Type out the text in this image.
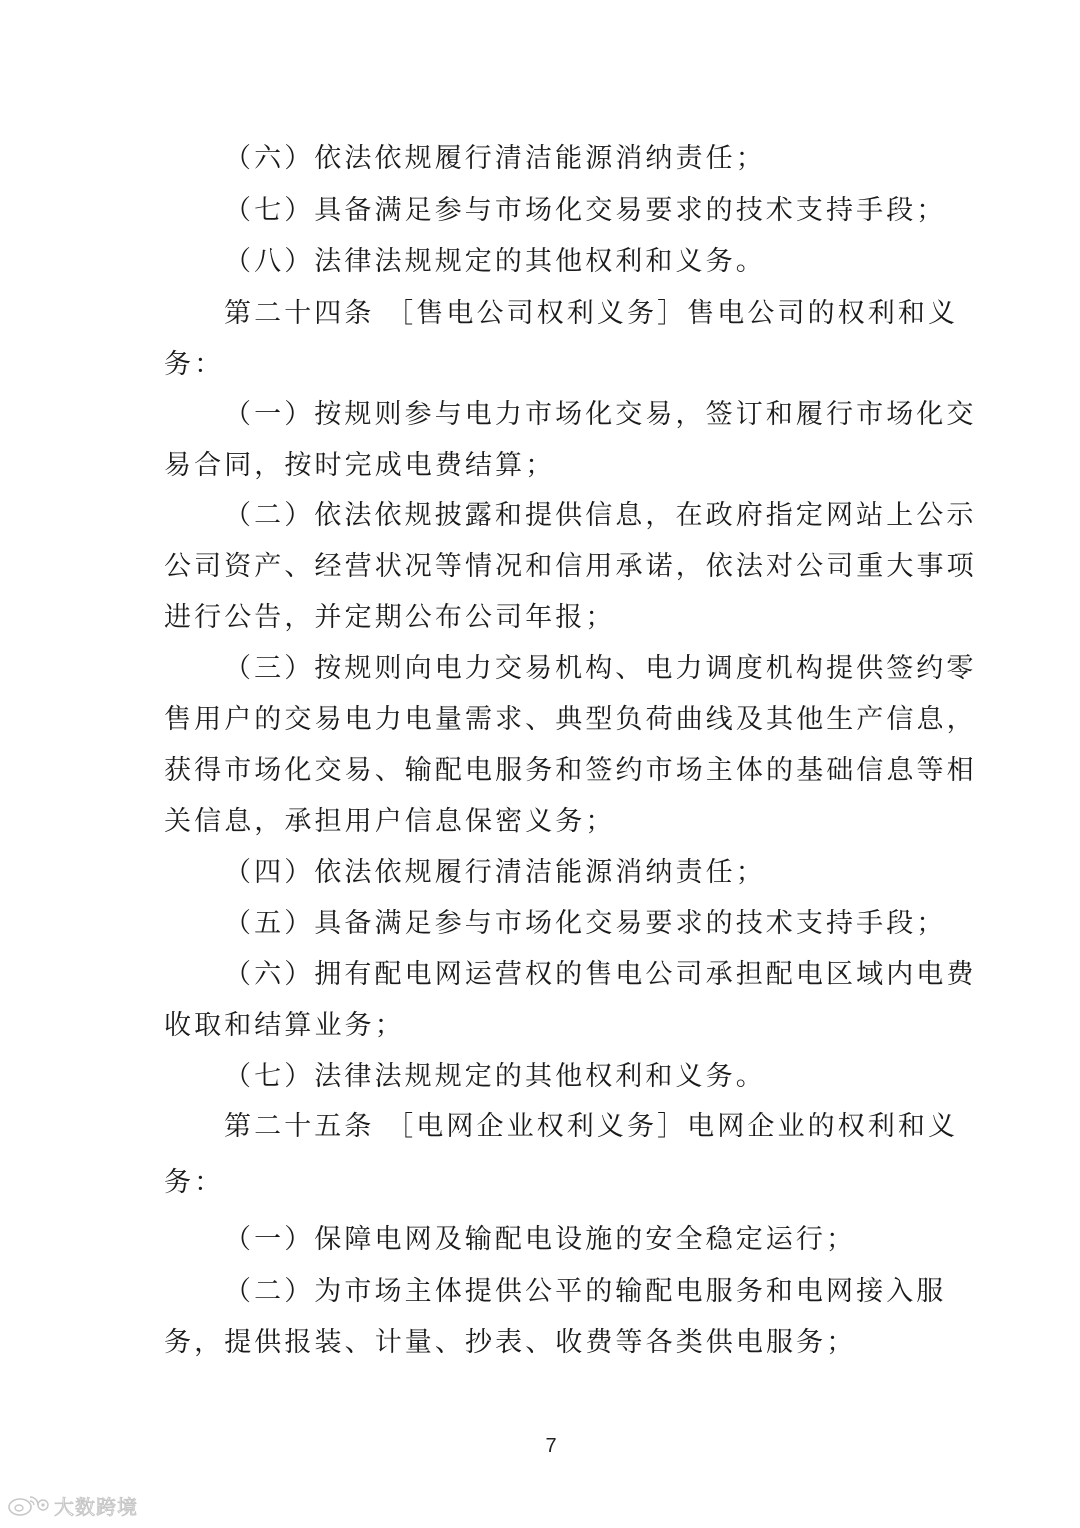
（六）依法依规履行清洁能源消纳责任；

（七）具备满足参与市场化交易要求的技术支持手段；

（八）法律法规规定的其他权利和义务。

第二十四条 ［售电公司权利义务］售电公司的权利和义

务：

（一）按规则参与电力市场化交易，签订和履行市场化交

易合同，按时完成电费结算；

（二）依法依规披露和提供信息，在政府指定网站上公示

公司资产、经营状况等情况和信用承诺，依法对公司重大事项

进行公告，并定期公布公司年报；

（三）按规则向电力交易机构、电力调度机构提供签约零

售用户的交易电力电量需求、典型负荷曲线及其他生产信息，

获得市场化交易、输配电服务和签约市场主体的基础信息等相

关信息，承担用户信息保密义务；

（四）依法依规履行清洁能源消纳责任；

（五）具备满足参与市场化交易要求的技术支持手段；

（六）拥有配电网运营权的售电公司承担配电区域内电费

收取和结算业务；

（七）法律法规规定的其他权利和义务。

第二十五条 ［电网企业权利义务］电网企业的权利和义

务：

（一）保障电网及输配电设施的安全稳定运行；

（二）为市场主体提供公平的输配电服务和电网接入服

务，提供报装、计量、抄表、收费等各类供电服务；

7
大数跨境
